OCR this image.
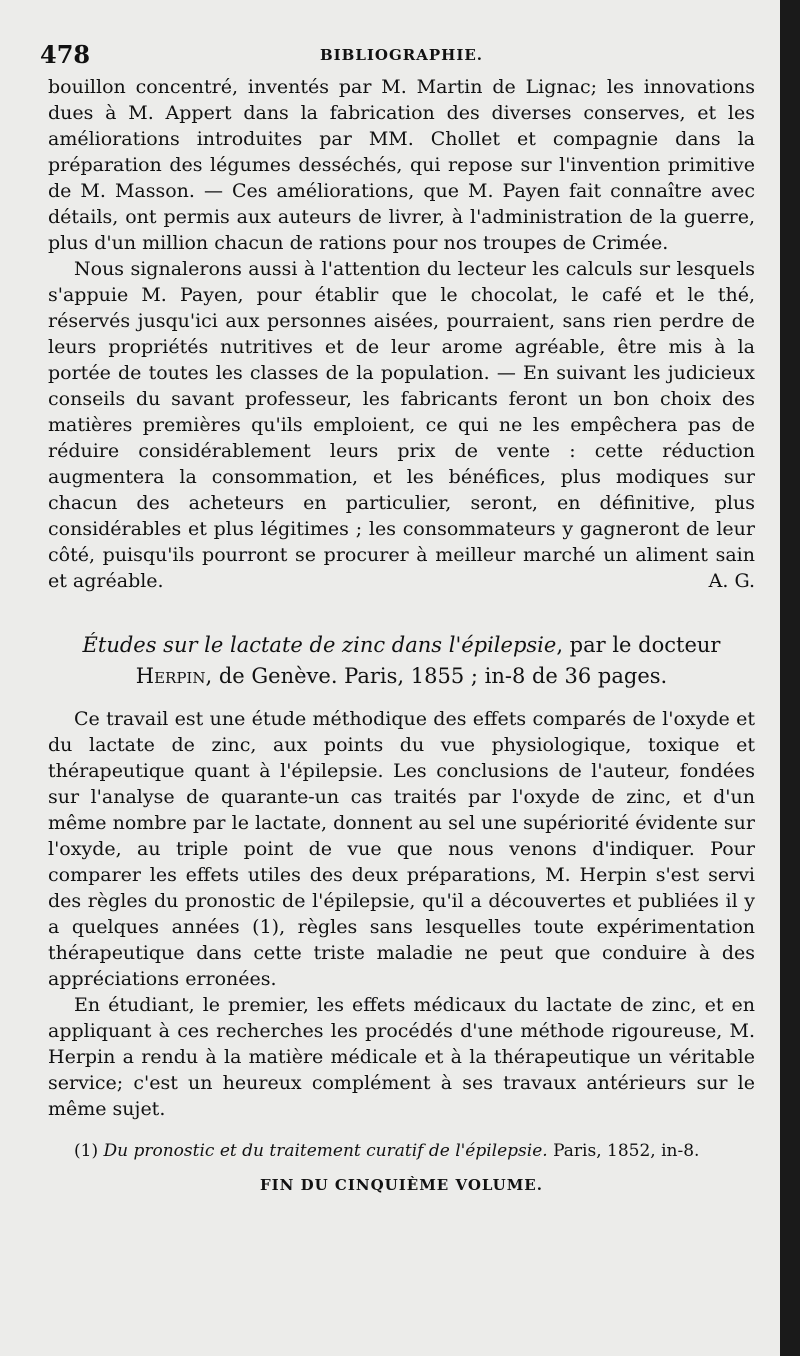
478	BIBLIOGRAPHIE.

bouillon concentré, inventés par M. Martin de Lignac; les innovations dues à M. Appert dans la fabrication des diverses conserves, et les améliorations introduites par MM. Chollet et compagnie dans la préparation des légumes desséchés, qui repose sur l'invention primitive de M. Masson. — Ces améliorations, que M. Payen fait connaître avec détails, ont permis aux auteurs de livrer, à l'administration de la guerre, plus d'un million chacun de rations pour nos troupes de Crimée.

Nous signalerons aussi à l'attention du lecteur les calculs sur lesquels s'appuie M. Payen, pour établir que le chocolat, le café et le thé, réservés jusqu'ici aux personnes aisées, pourraient, sans rien perdre de leurs propriétés nutritives et de leur arome agréable, être mis à la portée de toutes les classes de la population. — En suivant les judicieux conseils du savant professeur, les fabricants feront un bon choix des matières premières qu'ils emploient, ce qui ne les empêchera pas de réduire considérablement leurs prix de vente : cette réduction augmentera la consommation, et les bénéfices, plus modiques sur chacun des acheteurs en particulier, seront, en définitive, plus considérables et plus légitimes ; les consommateurs y gagneront de leur côté, puisqu'ils pourront se procurer à meilleur marché un aliment sain et agréable.	A. G.

Études sur le lactate de zinc dans l'épilepsie, par le docteur
Herpin, de Genève. Paris, 1855 ; in-8 de 36 pages.

Ce travail est une étude méthodique des effets comparés de l'oxyde et du lactate de zinc, aux points du vue physiologique, toxique et thérapeutique quant à l'épilepsie. Les conclusions de l'auteur, fondées sur l'analyse de quarante-un cas traités par l'oxyde de zinc, et d'un même nombre par le lactate, donnent au sel une supériorité évidente sur l'oxyde, au triple point de vue que nous venons d'indiquer. Pour comparer les effets utiles des deux préparations, M. Herpin s'est servi des règles du pronostic de l'épilepsie, qu'il a découvertes et publiées il y a quelques années (1), règles sans lesquelles toute expérimentation thérapeutique dans cette triste maladie ne peut que conduire à des appréciations erronées.

En étudiant, le premier, les effets médicaux du lactate de zinc, et en appliquant à ces recherches les procédés d'une méthode rigoureuse, M. Herpin a rendu à la matière médicale et à la thérapeutique un véritable service; c'est un heureux complément à ses travaux antérieurs sur le même sujet.

(1) Du pronostic et du traitement curatif de l'épilepsie. Paris, 1852, in-8.

FIN DU CINQUIÈME VOLUME.
